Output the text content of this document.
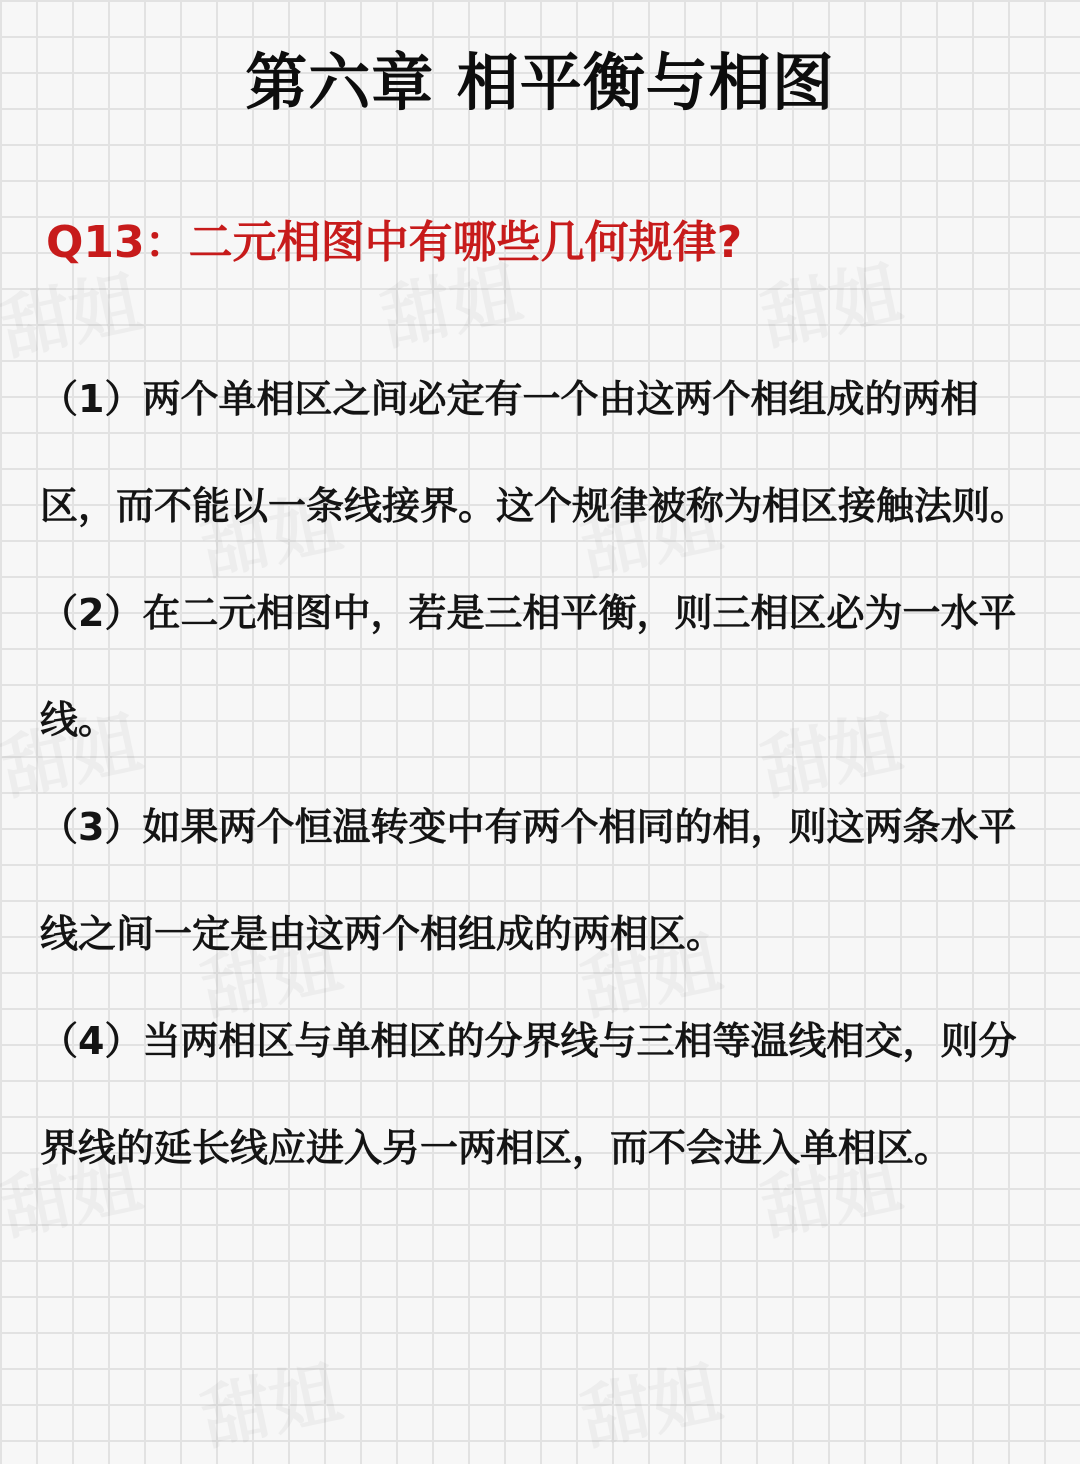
第六章 相平衡与相图
Q13：二元相图中有哪些几何规律?

（1）两个单相区之间必定有一个由这两个相组成的两相区，而不能以一条线接界。这个规律被称为相区接触法则。

（2）在二元相图中，若是三相平衡，则三相区必为一水平线。

（3）如果两个恒温转变中有两个相同的相，则这两条水平线之间一定是由这两个相组成的两相区。

（4）当两相区与单相区的分界线与三相等温线相交，则分界线的延长线应进入另一两相区，而不会进入单相区。
